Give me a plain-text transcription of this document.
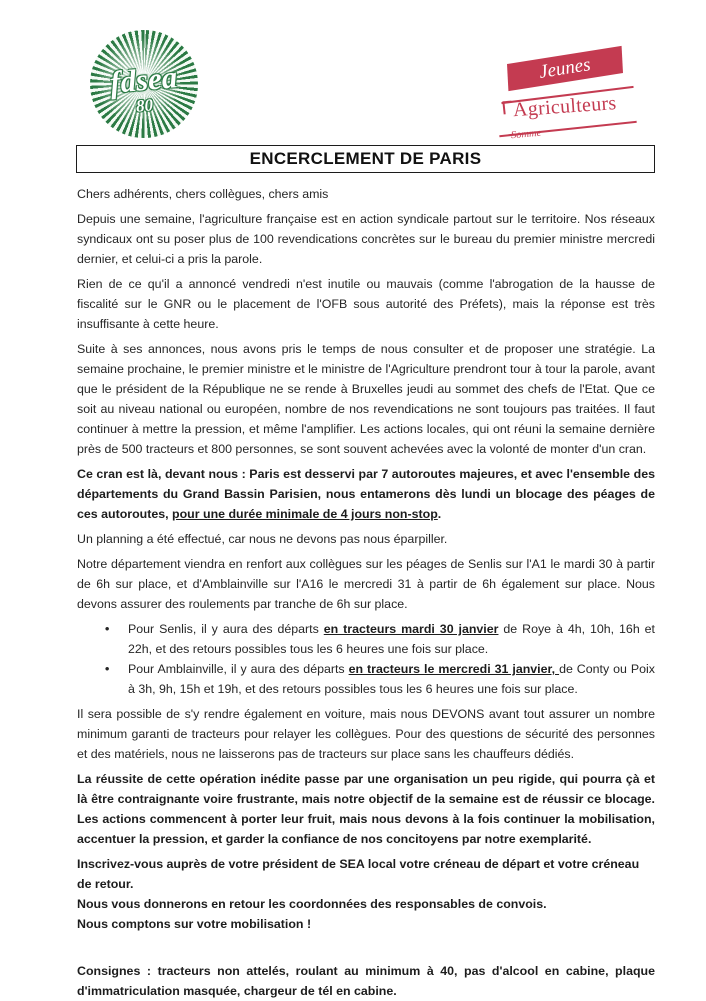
fdsea
80
Jeunes
Agriculteurs
Somme
ENCERCLEMENT DE PARIS

Chers adhérents, chers collègues, chers amis

Depuis une semaine, l'agriculture française est en action syndicale partout sur le territoire. Nos réseaux syndicaux ont su poser plus de 100 revendications concrètes sur le bureau du premier ministre mercredi dernier, et celui-ci a pris la parole.

Rien de ce qu'il a annoncé vendredi n'est inutile ou mauvais (comme l'abrogation de la hausse de fiscalité sur le GNR ou le placement de l'OFB sous autorité des Préfets), mais la réponse est très insuffisante à cette heure.

Suite à ses annonces, nous avons pris le temps de nous consulter et de proposer une stratégie. La semaine prochaine, le premier ministre et le ministre de l'Agriculture prendront tour à tour la parole, avant que le président de la République ne se rende à Bruxelles jeudi au sommet des chefs de l'Etat. Que ce soit au niveau national ou européen, nombre de nos revendications ne sont toujours pas traitées. Il faut continuer à mettre la pression, et même l'amplifier. Les actions locales, qui ont réuni la semaine dernière près de 500 tracteurs et 800 personnes, se sont souvent achevées avec la volonté de monter d'un cran.

Ce cran est là, devant nous : Paris est desservi par 7 autoroutes majeures, et avec l'ensemble des départements du Grand Bassin Parisien, nous entamerons dès lundi un blocage des péages de ces autoroutes, pour une durée minimale de 4 jours non-stop.

Un planning a été effectué, car nous ne devons pas nous éparpiller.

Notre département viendra en renfort aux collègues sur les péages de Senlis sur l'A1 le mardi 30 à partir de 6h sur place, et d'Amblainville sur l'A16 le mercredi 31 à partir de 6h également sur place. Nous devons assurer des roulements par tranche de 6h sur place.

• Pour Senlis, il y aura des départs en tracteurs mardi 30 janvier de Roye à 4h, 10h, 16h et 22h, et des retours possibles tous les 6 heures une fois sur place.
• Pour Amblainville, il y aura des départs en tracteurs le mercredi 31 janvier, de Conty ou Poix à 3h, 9h, 15h et 19h, et des retours possibles tous les 6 heures une fois sur place.

Il sera possible de s'y rendre également en voiture, mais nous DEVONS avant tout assurer un nombre minimum garanti de tracteurs pour relayer les collègues. Pour des questions de sécurité des personnes et des matériels, nous ne laisserons pas de tracteurs sur place sans les chauffeurs dédiés.

La réussite de cette opération inédite passe par une organisation un peu rigide, qui pourra çà et là être contraignante voire frustrante, mais notre objectif de la semaine est de réussir ce blocage. Les actions commencent à porter leur fruit, mais nous devons à la fois continuer la mobilisation, accentuer la pression, et garder la confiance de nos concitoyens par notre exemplarité.

Inscrivez-vous auprès de votre président de SEA local votre créneau de départ et votre créneau de retour.
Nous vous donnerons en retour les coordonnées des responsables de convois.
Nous comptons sur votre mobilisation !

Consignes : tracteurs non attelés, roulant au minimum à 40, pas d'alcool en cabine, plaque d'immatriculation masquée, chargeur de tél en cabine.
